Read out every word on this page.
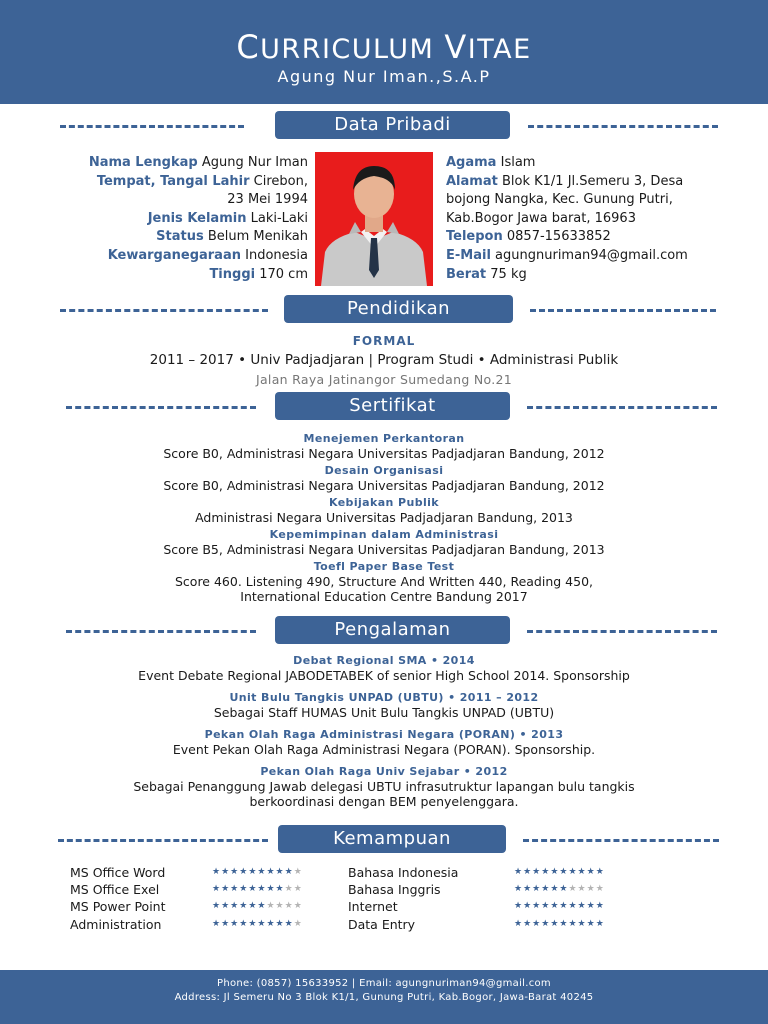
CURRICULUM VITAE
Agung Nur Iman.,S.A.P
Data Pribadi
Nama Lengkap Agung Nur Iman
Tempat, Tangal Lahir Cirebon,
23 Mei 1994
Jenis Kelamin Laki-Laki
Status Belum Menikah
Kewarganegaraan Indonesia
Tinggi 170 cm
Agama Islam
Alamat Blok K1/1 Jl.Semeru 3, Desa
bojong Nangka, Kec. Gunung Putri,
Kab.Bogor Jawa barat, 16963
Telepon 0857-15633852
E-Mail agungnuriman94@gmail.com
Berat 75 kg
Pendidikan
FORMAL
2011 – 2017 • Univ Padjadjaran | Program Studi • Administrasi Publik
Jalan Raya Jatinangor Sumedang No.21
Sertifikat
Menejemen Perkantoran
Score B0, Administrasi Negara Universitas Padjadjaran Bandung, 2012
Desain Organisasi
Score B0, Administrasi Negara Universitas Padjadjaran Bandung, 2012
Kebijakan Publik
Administrasi Negara Universitas Padjadjaran Bandung, 2013
Kepemimpinan dalam Administrasi
Score B5, Administrasi Negara Universitas Padjadjaran Bandung, 2013
Toefl Paper Base Test
Score 460. Listening 490, Structure And Written 440, Reading 450,
International Education Centre Bandung 2017
Pengalaman
Debat Regional SMA • 2014
Event Debate Regional JABODETABEK of senior High School 2014. Sponsorship
Unit Bulu Tangkis UNPAD (UBTU) • 2011 – 2012
Sebagai Staff HUMAS Unit Bulu Tangkis UNPAD (UBTU)
Pekan Olah Raga Administrasi Negara (PORAN) • 2013
Event Pekan Olah Raga Administrasi Negara (PORAN). Sponsorship.
Pekan Olah Raga Univ Sejabar • 2012
Sebagai Penanggung Jawab delegasi UBTU infrasutruktur lapangan bulu tangkis
berkoordinasi dengan BEM penyelenggara.
Kemampuan
MS Office Word
MS Office Exel
MS Power Point
Administration
★★★★★★★★★★
★★★★★★★★★★
★★★★★★★★★★
★★★★★★★★★★
Bahasa Indonesia
Bahasa Inggris
Internet
Data Entry
★★★★★★★★★★
★★★★★★★★★★
★★★★★★★★★★
★★★★★★★★★★
Phone: (0857) 15633952 | Email: agungnuriman94@gmail.com
Address: Jl Semeru No 3 Blok K1/1, Gunung Putri, Kab.Bogor, Jawa-Barat 40245
